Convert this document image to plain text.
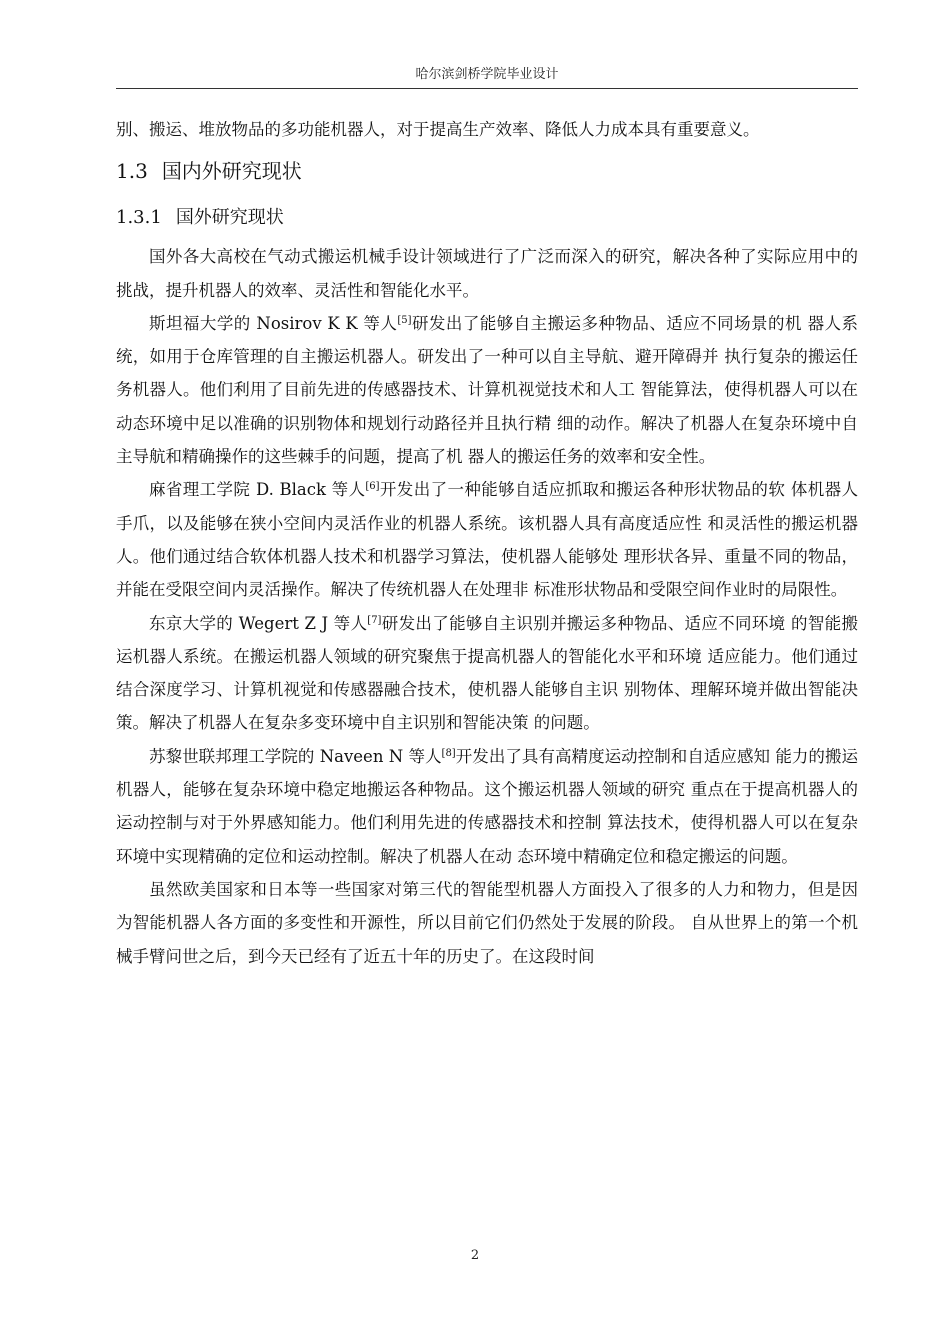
哈尔滨剑桥学院毕业设计

别、搬运、堆放物品的多功能机器人，对于提高生产效率、降低人力成本具有重要意义。

1.3 国内外研究现状
1.3.1 国外研究现状

国外各大高校在气动式搬运机械手设计领域进行了广泛而深入的研究，解决各种了实际应用中的挑战，提升机器人的效率、灵活性和智能化水平。

斯坦福大学的 Nosirov K K 等人[5]研发出了能够自主搬运多种物品、适应不同场景的机 器人系统，如用于仓库管理的自主搬运机器人。研发出了一种可以自主导航、避开障碍并 执行复杂的搬运任务机器人。他们利用了目前先进的传感器技术、计算机视觉技术和人工 智能算法，使得机器人可以在动态环境中足以准确的识别物体和规划行动路径并且执行精 细的动作。解决了机器人在复杂环境中自主导航和精确操作的这些棘手的问题，提高了机 器人的搬运任务的效率和安全性。

麻省理工学院 D. Black 等人[6]开发出了一种能够自适应抓取和搬运各种形状物品的软 体机器人手爪，以及能够在狭小空间内灵活作业的机器人系统。该机器人具有高度适应性 和灵活性的搬运机器人。他们通过结合软体机器人技术和机器学习算法，使机器人能够处 理形状各异、重量不同的物品，并能在受限空间内灵活操作。解决了传统机器人在处理非 标准形状物品和受限空间作业时的局限性。

东京大学的 Wegert Z J 等人[7]研发出了能够自主识别并搬运多种物品、适应不同环境 的智能搬运机器人系统。在搬运机器人领域的研究聚焦于提高机器人的智能化水平和环境 适应能力。他们通过结合深度学习、计算机视觉和传感器融合技术，使机器人能够自主识 别物体、理解环境并做出智能决策。解决了机器人在复杂多变环境中自主识别和智能决策 的问题。

苏黎世联邦理工学院的 Naveen N 等人[8]开发出了具有高精度运动控制和自适应感知 能力的搬运机器人，能够在复杂环境中稳定地搬运各种物品。这个搬运机器人领域的研究 重点在于提高机器人的运动控制与对于外界感知能力。他们利用先进的传感器技术和控制 算法技术，使得机器人可以在复杂环境中实现精确的定位和运动控制。解决了机器人在动 态环境中精确定位和稳定搬运的问题。

虽然欧美国家和日本等一些国家对第三代的智能型机器人方面投入了很多的人力和物力，但是因为智能机器人各方面的多变性和开源性，所以目前它们仍然处于发展的阶段。 自从世界上的第一个机械手臂问世之后，到今天已经有了近五十年的历史了。在这段时间

2
